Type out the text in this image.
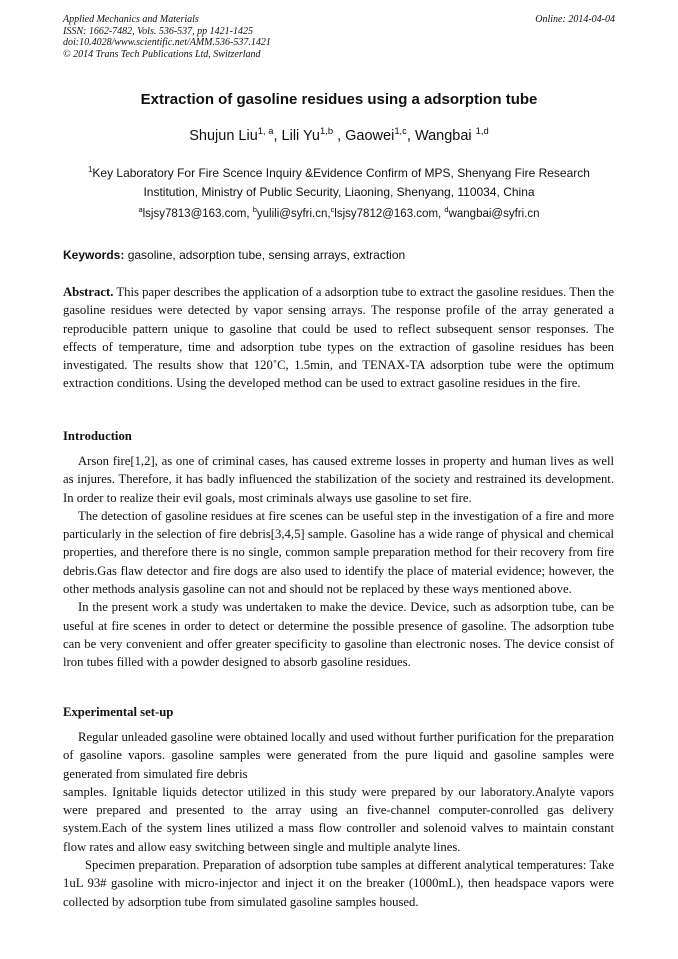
Applied Mechanics and Materials
ISSN: 1662-7482, Vols. 536-537, pp 1421-1425
doi:10.4028/www.scientific.net/AMM.536-537.1421
© 2014 Trans Tech Publications Ltd, Switzerland
Online: 2014-04-04
Extraction of gasoline residues using a adsorption tube
Shujun Liu$^{1, a}$, Lili Yu$^{1,b}$ , Gaowei$^{1,c}$, Wangbai $^{1,d}$
$^1$Key Laboratory For Fire Scence Inquiry &Evidence Confirm of MPS, Shenyang Fire Research
Institution, Ministry of Public Security, Liaoning, Shenyang, 110034, China
$^a$lsjsy7813@163.com, $^b$yulili@syfri.cn,$^c$lsjsy7812@163.com, $^d$wangbai@syfri.cn
Keywords: gasoline, adsorption tube, sensing arrays, extraction

Abstract. This paper describes the application of a adsorption tube to extract the gasoline residues. Then the gasoline residues were detected by vapor sensing arrays. The response profile of the array generated a reproducible pattern unique to gasoline that could be used to reflect subsequent sensor responses. The effects of temperature, time and adsorption tube types on the extraction of gasoline residues has been investigated. The results show that 120˚C, 1.5min, and TENAX-TA adsorption tube were the optimum extraction conditions. Using the developed method can be used to extract gasoline residues in the fire.

Introduction

Arson fire[1,2], as one of criminal cases, has caused extreme losses in property and human lives as well as injures. Therefore, it has badly influenced the stabilization of the society and restrained its development. In order to realize their evil goals, most criminals always use gasoline to set fire.

The detection of gasoline residues at fire scenes can be useful step in the investigation of a fire and more particularly in the selection of fire debris[3,4,5] sample. Gasoline has a wide range of physical and chemical properties, and therefore there is no single, common sample preparation method for their recovery from fire debris.Gas flaw detector and fire dogs are also used to identify the place of material evidence; however, the other methods analysis gasoline can not and should not be replaced by these ways mentioned above.

In the present work a study was undertaken to make the device. Device, such as adsorption tube, can be useful at fire scenes in order to detect or determine the possible presence of gasoline. The adsorption tube can be very convenient and offer greater specificity to gasoline than electronic noses. The device consist of lron tubes filled with a powder designed to absorb gasoline residues.

Experimental set-up

Regular unleaded gasoline were obtained locally and used without further purification for the preparation of gasoline vapors. gasoline samples were generated from the pure liquid and gasoline samples were generated from simulated fire debris

samples. Ignitable liquids detector utilized in this study were prepared by our laboratory.Analyte vapors were prepared and presented to the array using an five-channel computer-conrolled gas delivery system.Each of the system lines utilized a mass flow controller and solenoid valves to maintain constant flow rates and allow easy switching between single and multiple analyte lines.

Specimen preparation. Preparation of adsorption tube samples at different analytical temperatures: Take 1uL 93# gasoline with micro-injector and inject it on the breaker (1000mL), then headspace vapors were collected by adsorption tube from simulated gasoline samples housed.
